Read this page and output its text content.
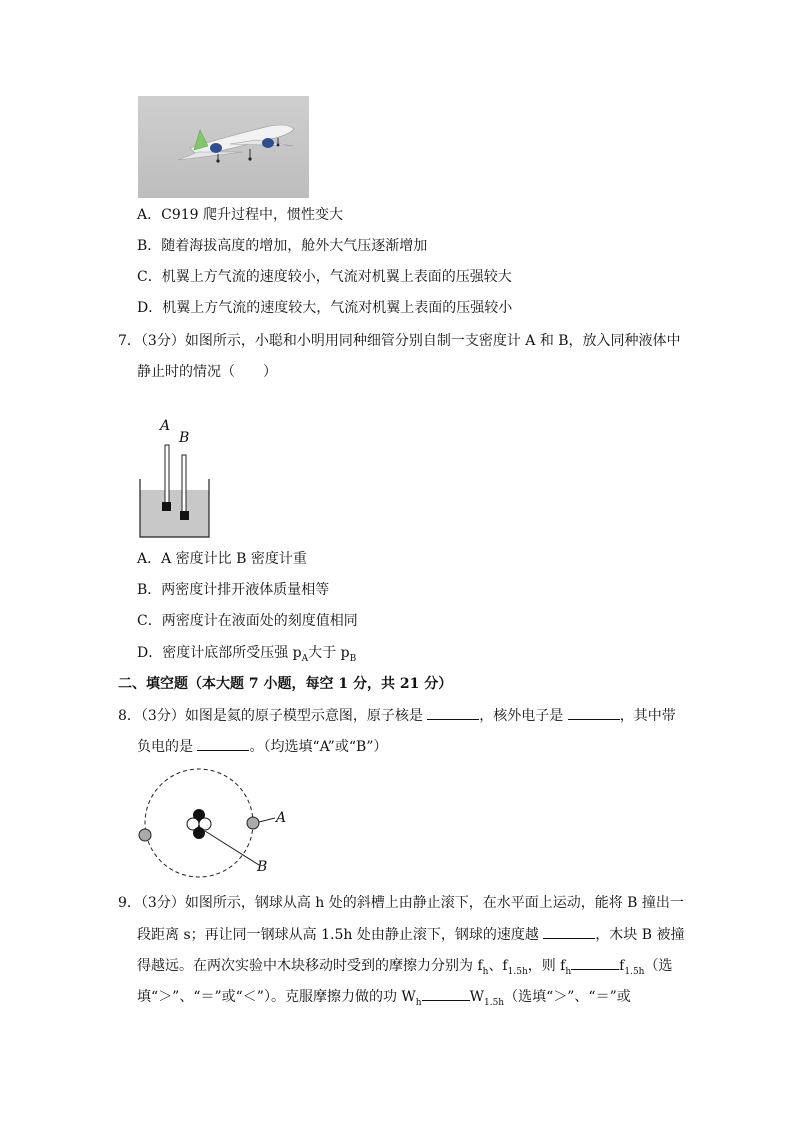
A．C919 爬升过程中，惯性变大
B．随着海拔高度的增加，舱外大气压逐渐增加
C．机翼上方气流的速度较小，气流对机翼上表面的压强较大
D．机翼上方气流的速度较大，气流对机翼上表面的压强较小
7．（3分）如图所示，小聪和小明用同种细管分别自制一支密度计 A 和 B，放入同种液体中
静止时的情况（　　）
A
B
A．A 密度计比 B 密度计重
B．两密度计排开液体质量相等
C．两密度计在液面处的刻度值相同
D．密度计底部所受压强 $p_A$大于 $p_B$
二、填空题（本大题 7 小题，每空 1 分，共 21 分）
8．（3分）如图是氦的原子模型示意图，原子核是	，核外电子是	，其中带
负电的是	。（均选填“A”或“B”）
A
B
9．（3分）如图所示，钢球从高 h 处的斜槽上由静止滚下，在水平面上运动，能将 B 撞出一
段距离 s；再让同一钢球从高 1.5h 处由静止滚下，钢球的速度越	，木块 B 被撞
得越远。在两次实验中木块移动时受到的摩擦力分别为 $f_h$、$f_{1.5h}$，则 $f_h$	$f_{1.5h}$（选
填“＞”、“＝”或“＜”）。克服摩擦力做的功 $W_h$	$W_{1.5h}$（选填“＞”、“＝”或
